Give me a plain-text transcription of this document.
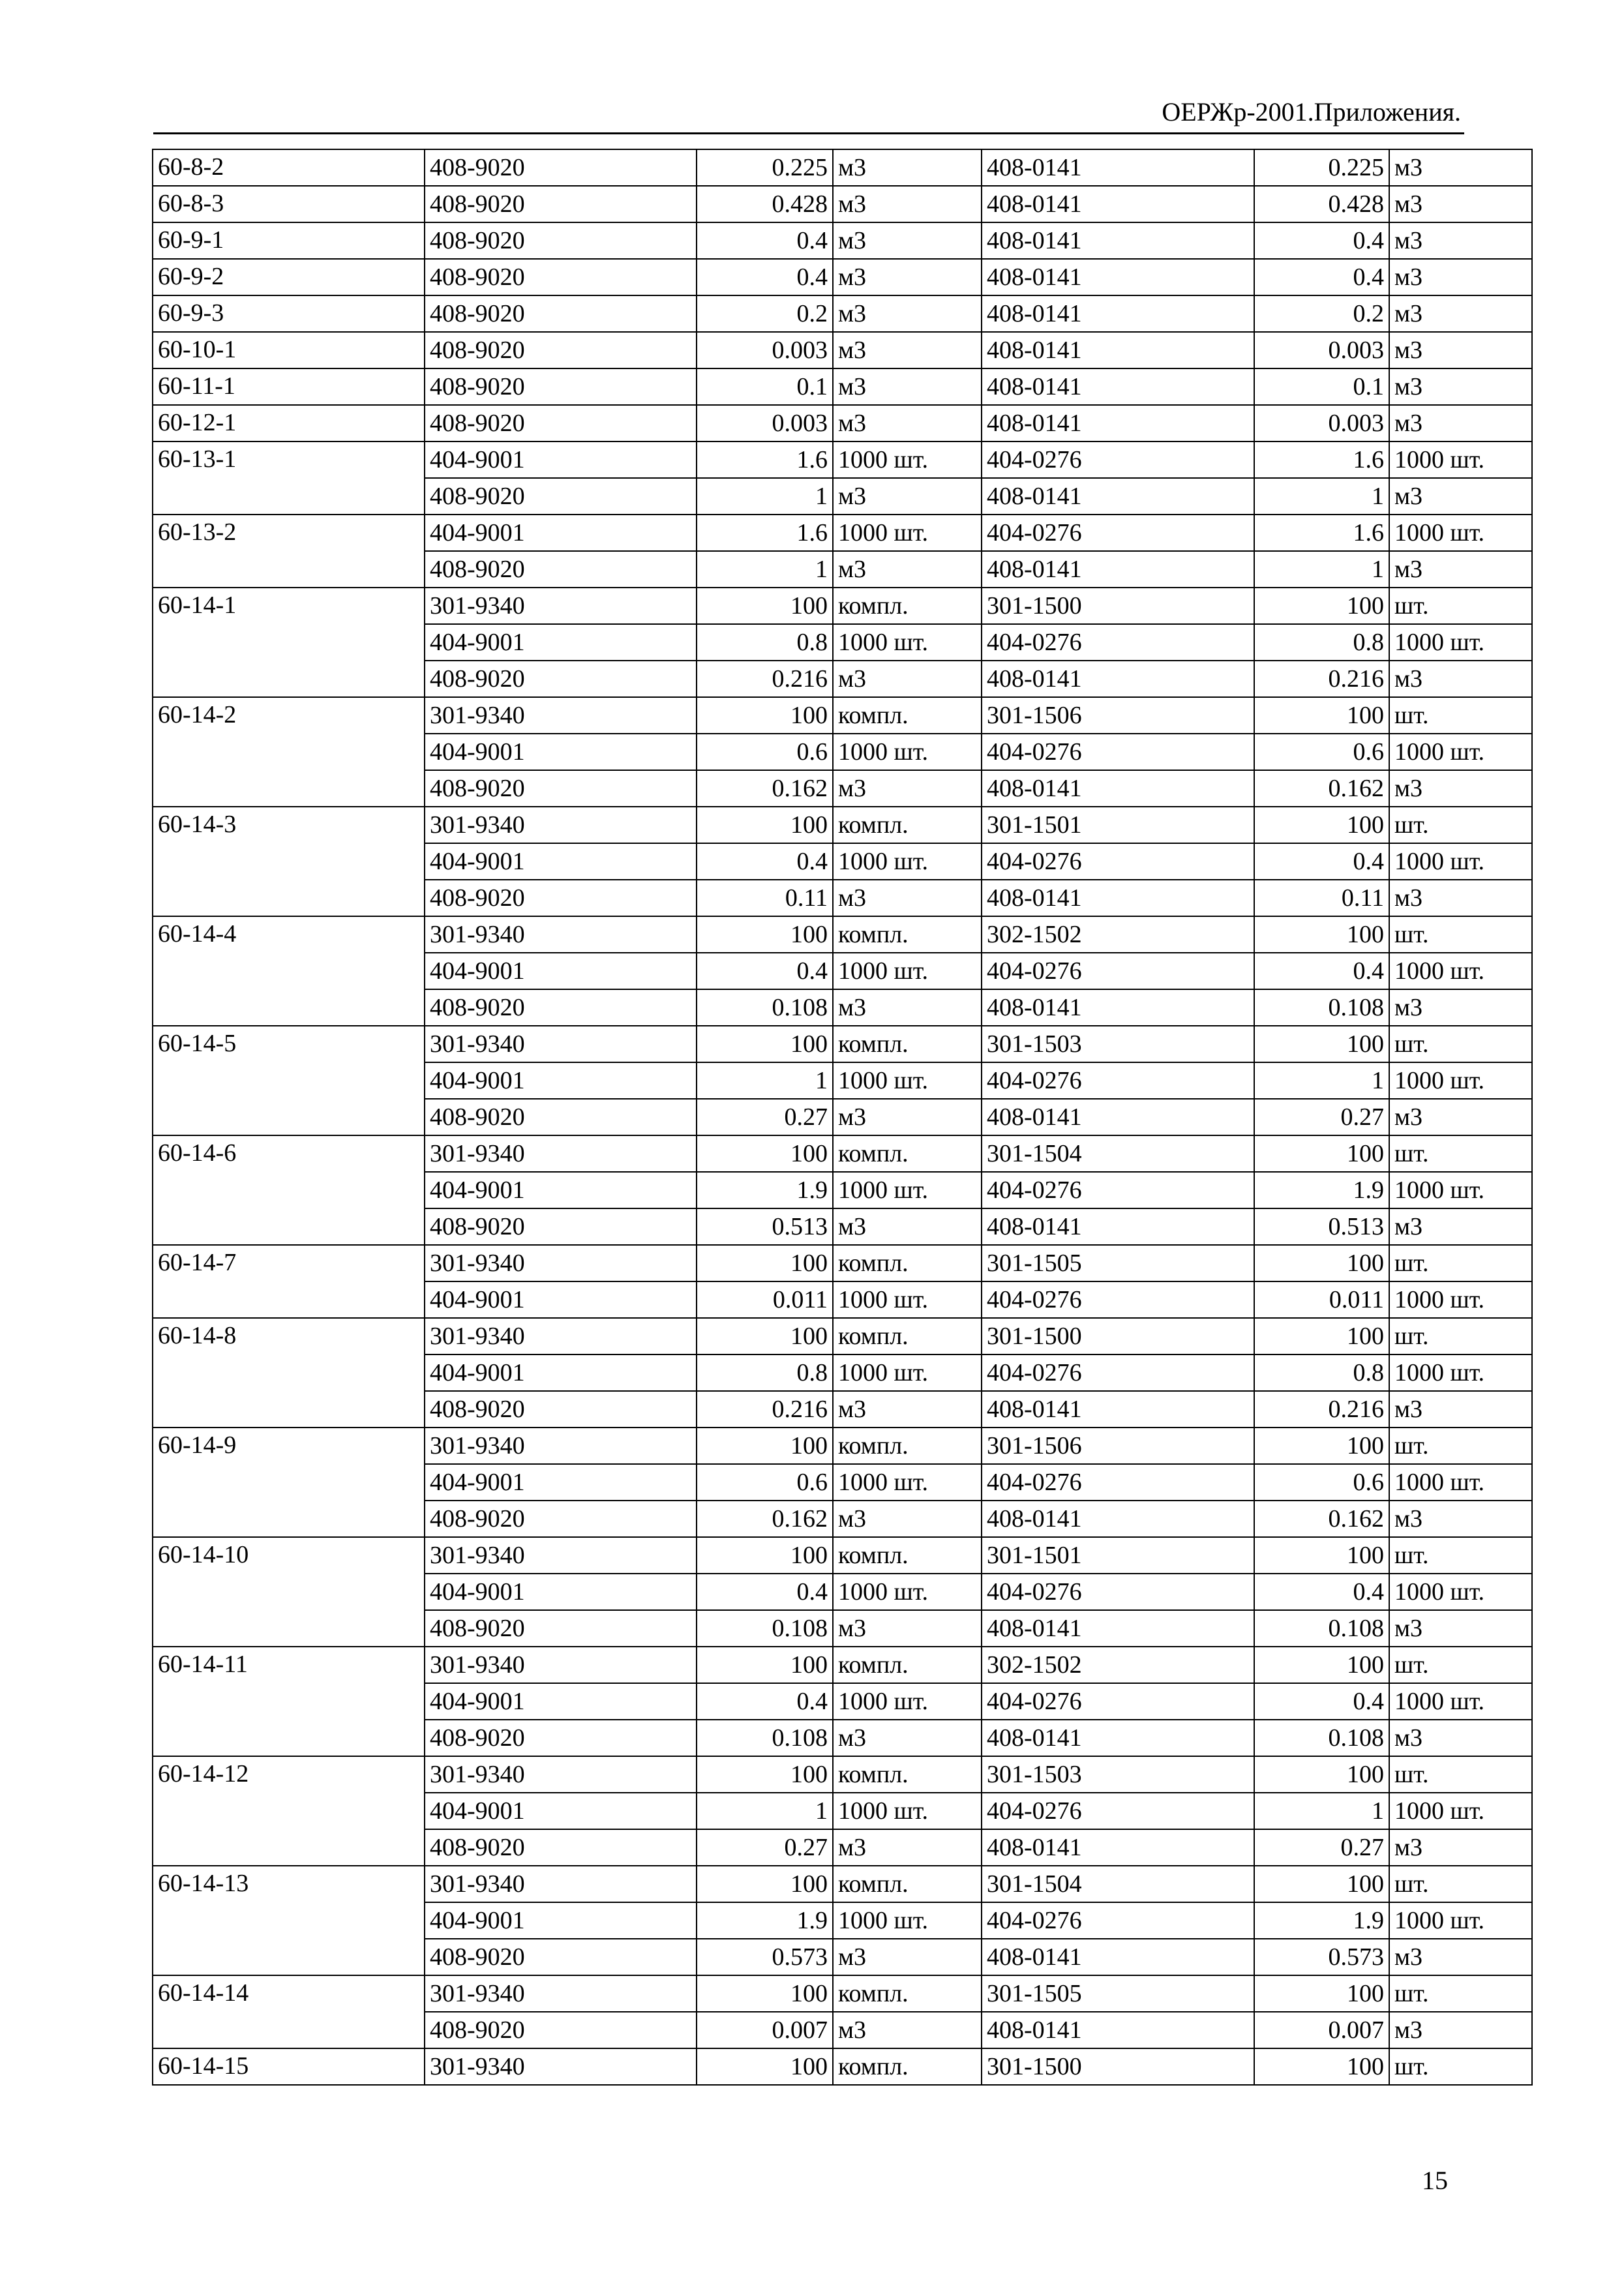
ОЕРЖр-2001.Приложения.
60-8-2	408-9020	0.225	м3	408-0141	0.225	м3
60-8-3	408-9020	0.428	м3	408-0141	0.428	м3
60-9-1	408-9020	0.4	м3	408-0141	0.4	м3
60-9-2	408-9020	0.4	м3	408-0141	0.4	м3
60-9-3	408-9020	0.2	м3	408-0141	0.2	м3
60-10-1	408-9020	0.003	м3	408-0141	0.003	м3
60-11-1	408-9020	0.1	м3	408-0141	0.1	м3
60-12-1	408-9020	0.003	м3	408-0141	0.003	м3
60-13-1	404-9001	1.6	1000 шт.	404-0276	1.6	1000 шт.
	408-9020	1	м3	408-0141	1	м3
60-13-2	404-9001	1.6	1000 шт.	404-0276	1.6	1000 шт.
	408-9020	1	м3	408-0141	1	м3
60-14-1	301-9340	100	компл.	301-1500	100	шт.
	404-9001	0.8	1000 шт.	404-0276	0.8	1000 шт.
	408-9020	0.216	м3	408-0141	0.216	м3
60-14-2	301-9340	100	компл.	301-1506	100	шт.
	404-9001	0.6	1000 шт.	404-0276	0.6	1000 шт.
	408-9020	0.162	м3	408-0141	0.162	м3
60-14-3	301-9340	100	компл.	301-1501	100	шт.
	404-9001	0.4	1000 шт.	404-0276	0.4	1000 шт.
	408-9020	0.11	м3	408-0141	0.11	м3
60-14-4	301-9340	100	компл.	302-1502	100	шт.
	404-9001	0.4	1000 шт.	404-0276	0.4	1000 шт.
	408-9020	0.108	м3	408-0141	0.108	м3
60-14-5	301-9340	100	компл.	301-1503	100	шт.
	404-9001	1	1000 шт.	404-0276	1	1000 шт.
	408-9020	0.27	м3	408-0141	0.27	м3
60-14-6	301-9340	100	компл.	301-1504	100	шт.
	404-9001	1.9	1000 шт.	404-0276	1.9	1000 шт.
	408-9020	0.513	м3	408-0141	0.513	м3
60-14-7	301-9340	100	компл.	301-1505	100	шт.
	404-9001	0.011	1000 шт.	404-0276	0.011	1000 шт.
60-14-8	301-9340	100	компл.	301-1500	100	шт.
	404-9001	0.8	1000 шт.	404-0276	0.8	1000 шт.
	408-9020	0.216	м3	408-0141	0.216	м3
60-14-9	301-9340	100	компл.	301-1506	100	шт.
	404-9001	0.6	1000 шт.	404-0276	0.6	1000 шт.
	408-9020	0.162	м3	408-0141	0.162	м3
60-14-10	301-9340	100	компл.	301-1501	100	шт.
	404-9001	0.4	1000 шт.	404-0276	0.4	1000 шт.
	408-9020	0.108	м3	408-0141	0.108	м3
60-14-11	301-9340	100	компл.	302-1502	100	шт.
	404-9001	0.4	1000 шт.	404-0276	0.4	1000 шт.
	408-9020	0.108	м3	408-0141	0.108	м3
60-14-12	301-9340	100	компл.	301-1503	100	шт.
	404-9001	1	1000 шт.	404-0276	1	1000 шт.
	408-9020	0.27	м3	408-0141	0.27	м3
60-14-13	301-9340	100	компл.	301-1504	100	шт.
	404-9001	1.9	1000 шт.	404-0276	1.9	1000 шт.
	408-9020	0.573	м3	408-0141	0.573	м3
60-14-14	301-9340	100	компл.	301-1505	100	шт.
	408-9020	0.007	м3	408-0141	0.007	м3
60-14-15	301-9340	100	компл.	301-1500	100	шт.
15
